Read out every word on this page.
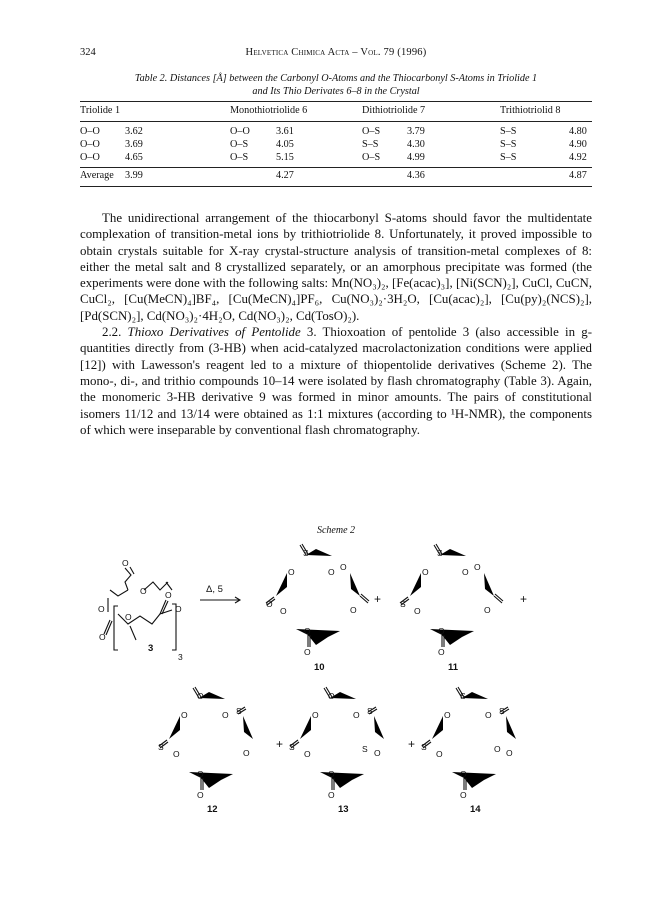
324	Helvetica Chimica Acta – Vol. 79 (1996)
Table 2. Distances [Å] between the Carbonyl O-Atoms and the Thiocarbonyl S-Atoms in Triolide 1
and Its Thio Derivates 6–8 in the Crystal
Triolide 1	Monothiotriolide 6	Dithiotriolide 7	Trithiotriolid 8
O–O 3.62	O–O	3.61	O–S	3.79	S–S	4.80
O–O 3.69	O–S	4.05	S–S	4.30	S–S	4.90
O–O 4.65	O–S	5.15	O–S	4.99	S–S	4.92
Average 3.99	4.27	4.36	4.87

The unidirectional arrangement of the thiocarbonyl S-atoms should favor the multidentate complexation of transition-metal ions by trithiotriolide 8. Unfortunately, it proved impossible to obtain crystals suitable for X-ray crystal-structure analysis of transition-metal complexes of 8: either the metal salt and 8 crystallized separately, or an amorphous precipitate was formed (the experiments were done with the following salts: Mn(NO₃)₂, [Fe(acac)₃], [Ni(SCN)₂], CuCl, CuCN, CuCl₂, [Cu(MeCN)₄]BF₄, [Cu(MeCN)₄]PF₆, Cu(NO₃)₂·3H₂O, [Cu(acac)₂], [Cu(py)₂(NCS)₂], [Pd(SCN)₂], Cd(NO₃)₂·4H₂O, Cd(NO₃)₂, Cd(TosO)₂).

2.2. Thioxo Derivatives of Pentolide 3. Thioxoation of pentolide 3 (also accessible in g-quantities directly from (3-HB) when acid-catalyzed macrolactonization conditions were applied [12]) with Lawesson's reagent led to a mixture of thiopentolide derivatives (Scheme 2). The mono-, di-, and trithio compounds 10–14 were isolated by flash chromatography (Table 3). Again, the monomeric 3-HB derivative 9 was formed in minor amounts. The pairs of constitutional isomers 11/12 and 13/14 were obtained as 1:1 mixtures (according to ¹H-NMR), the components of which were inseparable by conventional flash chromatography.

Scheme 2
O
O
O
O
O
O
O
3
3
Δ, 5
S
O	O O
O
O	O
O
O
10
+
S
O	O O
S
O	O
O
O
11
+
O
O	O S
S
O	O
O
O
12
+
O
O	O S
S
O	S O
O
O
13
+
S
O	O S
S
O	O O
O
O
14
